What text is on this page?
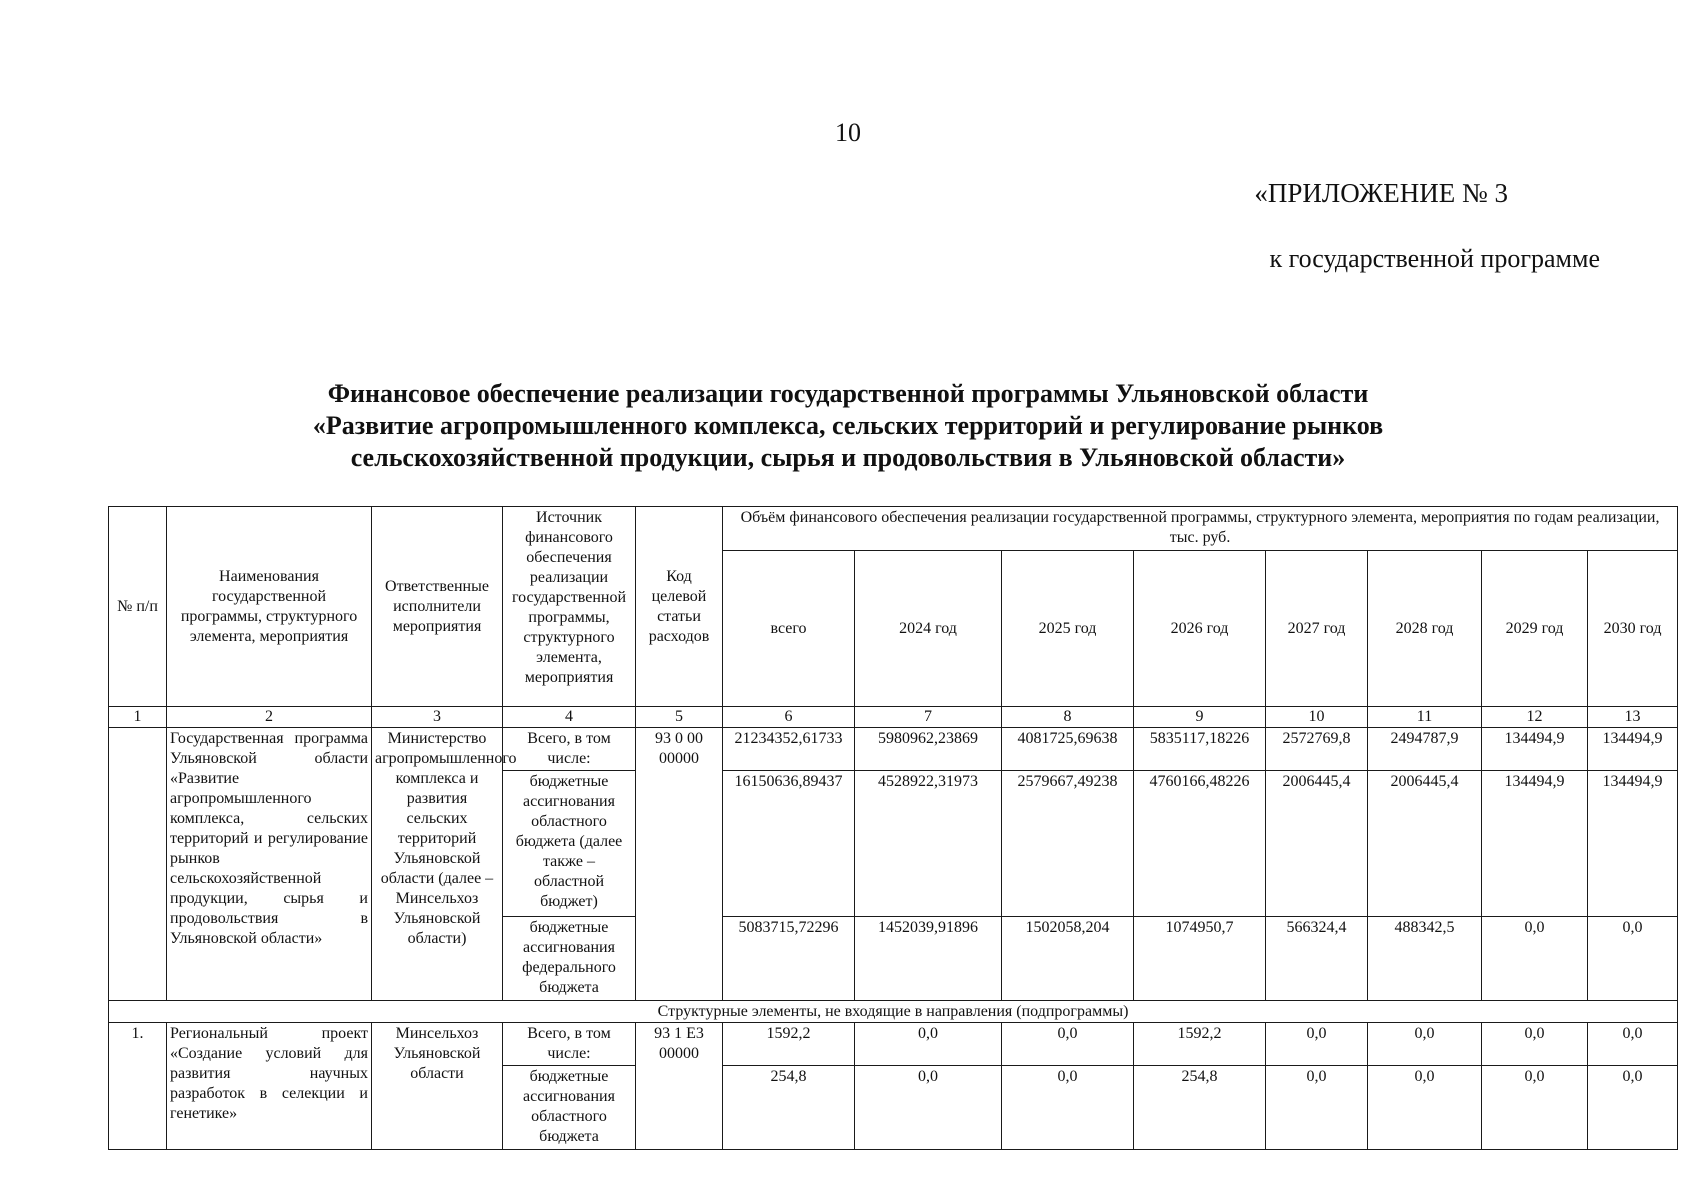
10
«ПРИЛОЖЕНИЕ № 3
к государственной программе
Финансовое обеспечение реализации государственной программы Ульяновской области
«Развитие агропромышленного комплекса, сельских территорий и регулирование рынков
сельскохозяйственной продукции, сырья и продовольствия в Ульяновской области»
№ п/п	Наименования государственной программы, структурного элемента, мероприятия	Ответственные исполнители мероприятия	Источник финансового обеспечения реализации государственной программы, структурного элемента, мероприятия	Код целевой статьи расходов	Объём финансового обеспечения реализации государственной программы, структурного элемента, мероприятия по годам реализации, тыс. руб.							
					всего	2024 год	2025 год	2026 год	2027 год	2028 год	2029 год	2030 год
1	2	3	4	5	6	7	8	9	10	11	12	13
	Государственная программа Ульяновской области «Развитие агропромышленного комплекса, сельских территорий и регулирование рынков сельскохозяйственной продукции, сырья и продовольствия в Ульяновской области»	Министерство агропромышленного комплекса и развития сельских территорий Ульяновской области (далее – Минсельхоз Ульяновской области)	Всего, в том числе:	93 0 00 00000	21234352,61733	5980962,23869	4081725,69638	5835117,18226	2572769,8	2494787,9	134494,9	134494,9
			бюджетные ассигнования областного бюджета (далее также – областной бюджет)		16150636,89437	4528922,31973	2579667,49238	4760166,48226	2006445,4	2006445,4	134494,9	134494,9
			бюджетные ассигнования федерального бюджета		5083715,72296	1452039,91896	1502058,204	1074950,7	566324,4	488342,5	0,0	0,0
Структурные элементы, не входящие в направления (подпрограммы)												
1.	Региональный проект «Создание условий для развития научных разработок в селекции и генетике»	Минсельхоз Ульяновской области	Всего, в том числе:	93 1 Е3 00000	1592,2	0,0	0,0	1592,2	0,0	0,0	0,0	0,0
			бюджетные ассигнования областного бюджета		254,8	0,0	0,0	254,8	0,0	0,0	0,0	0,0
